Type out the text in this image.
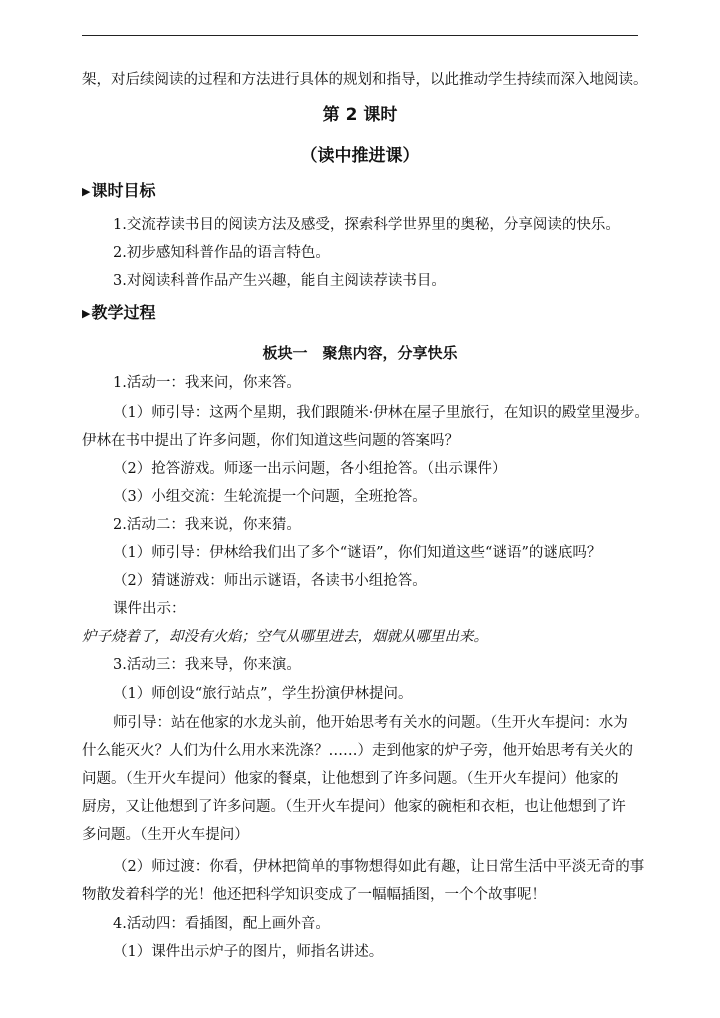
架，对后续阅读的过程和方法进行具体的规划和指导，以此推动学生持续而深入地阅读。
第 2 课时
（读中推进课）
▶课时目标
1.交流荐读书目的阅读方法及感受，探索科学世界里的奥秘，分享阅读的快乐。
2.初步感知科普作品的语言特色。
3.对阅读科普作品产生兴趣，能自主阅读荐读书目。
▶教学过程
板块一　聚焦内容，分享快乐
1.活动一：我来问，你来答。
（1）师引导：这两个星期，我们跟随米·伊林在屋子里旅行，在知识的殿堂里漫步。
伊林在书中提出了许多问题，你们知道这些问题的答案吗？
（2）抢答游戏。师逐一出示问题，各小组抢答。（出示课件）
（3）小组交流：生轮流提一个问题，全班抢答。
2.活动二：我来说，你来猜。
（1）师引导：伊林给我们出了多个“谜语”，你们知道这些“谜语”的谜底吗？
（2）猜谜游戏：师出示谜语，各读书小组抢答。
课件出示：
炉子烧着了，却没有火焰；空气从哪里进去，烟就从哪里出来。
3.活动三：我来导，你来演。
（1）师创设“旅行站点”，学生扮演伊林提问。
师引导：站在他家的水龙头前，他开始思考有关水的问题。（生开火车提问：水为
什么能灭火？人们为什么用水来洗涤？……）走到他家的炉子旁，他开始思考有关火的
问题。（生开火车提问）他家的餐桌，让他想到了许多问题。（生开火车提问）他家的
厨房，又让他想到了许多问题。（生开火车提问）他家的碗柜和衣柜，也让他想到了许
多问题。（生开火车提问）
（2）师过渡：你看，伊林把简单的事物想得如此有趣，让日常生活中平淡无奇的事
物散发着科学的光！他还把科学知识变成了一幅幅插图，一个个故事呢！
4.活动四：看插图，配上画外音。
（1）课件出示炉子的图片，师指名讲述。
